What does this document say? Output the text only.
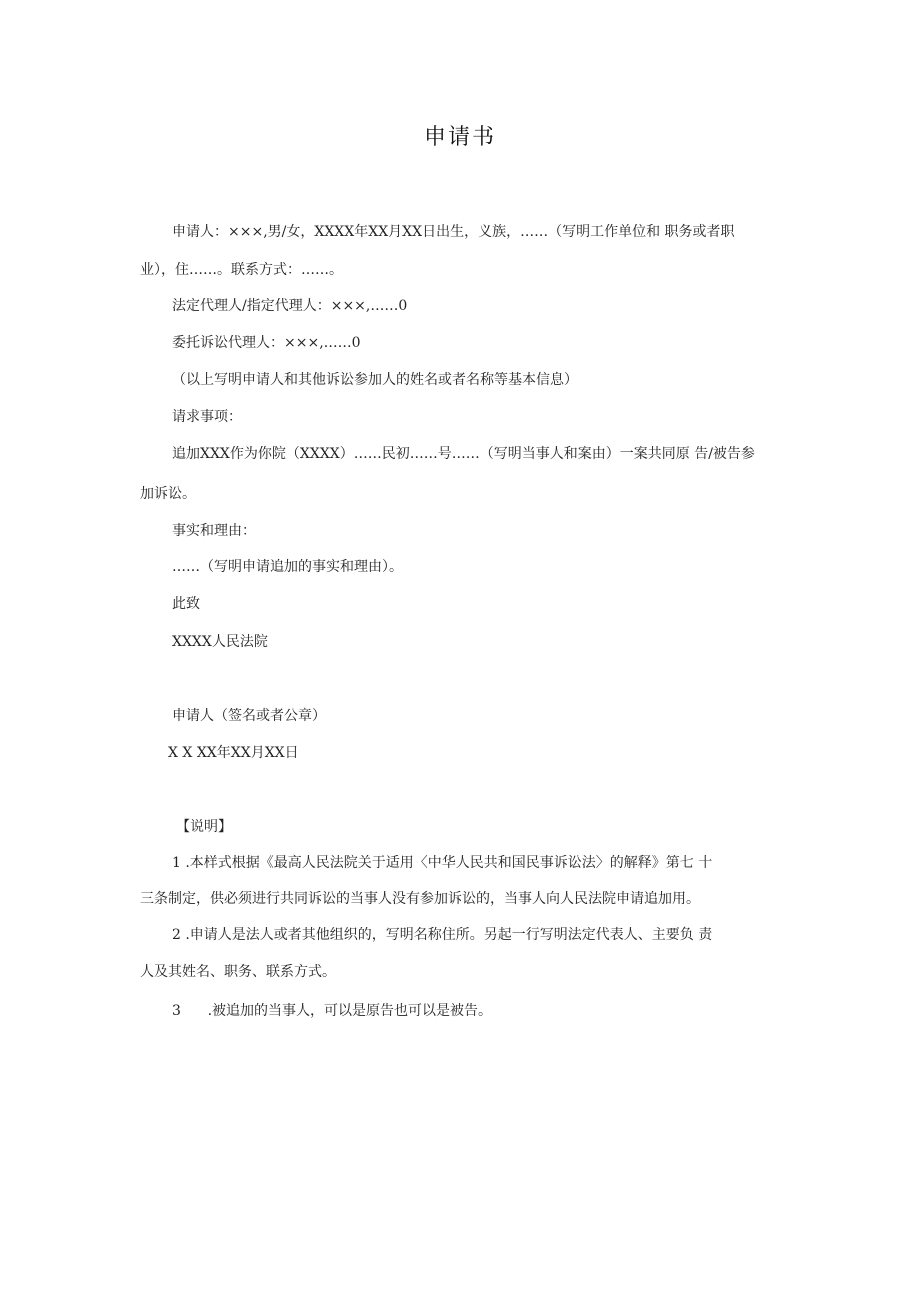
申请书
申请人：×××,男/女，XXXX年XX月XX日出生，义族，……（写明工作单位和 职务或者职
业），住……。联系方式：……。
法定代理人/指定代理人：×××,……0
委托诉讼代理人：×××,……0
（以上写明申请人和其他诉讼参加人的姓名或者名称等基本信息）
请求事项：
追加XXX作为你院（XXXX）……民初……号……（写明当事人和案由）一案共同原 告/被告参
加诉讼。
事实和理由：
……（写明申请追加的事实和理由）。
此致
XXXX人民法院
申请人（签名或者公章）
X X XX年XX月XX日
【说明】
1 .本样式根据《最高人民法院关于适用〈中华人民共和国民事诉讼法〉的解释》第七 十
三条制定，供必须进行共同诉讼的当事人没有参加诉讼的，当事人向人民法院申请追加用。
2 .申请人是法人或者其他组织的，写明名称住所。另起一行写明法定代表人、主要负 责
人及其姓名、职务、联系方式。
3      .被追加的当事人，可以是原告也可以是被告。
